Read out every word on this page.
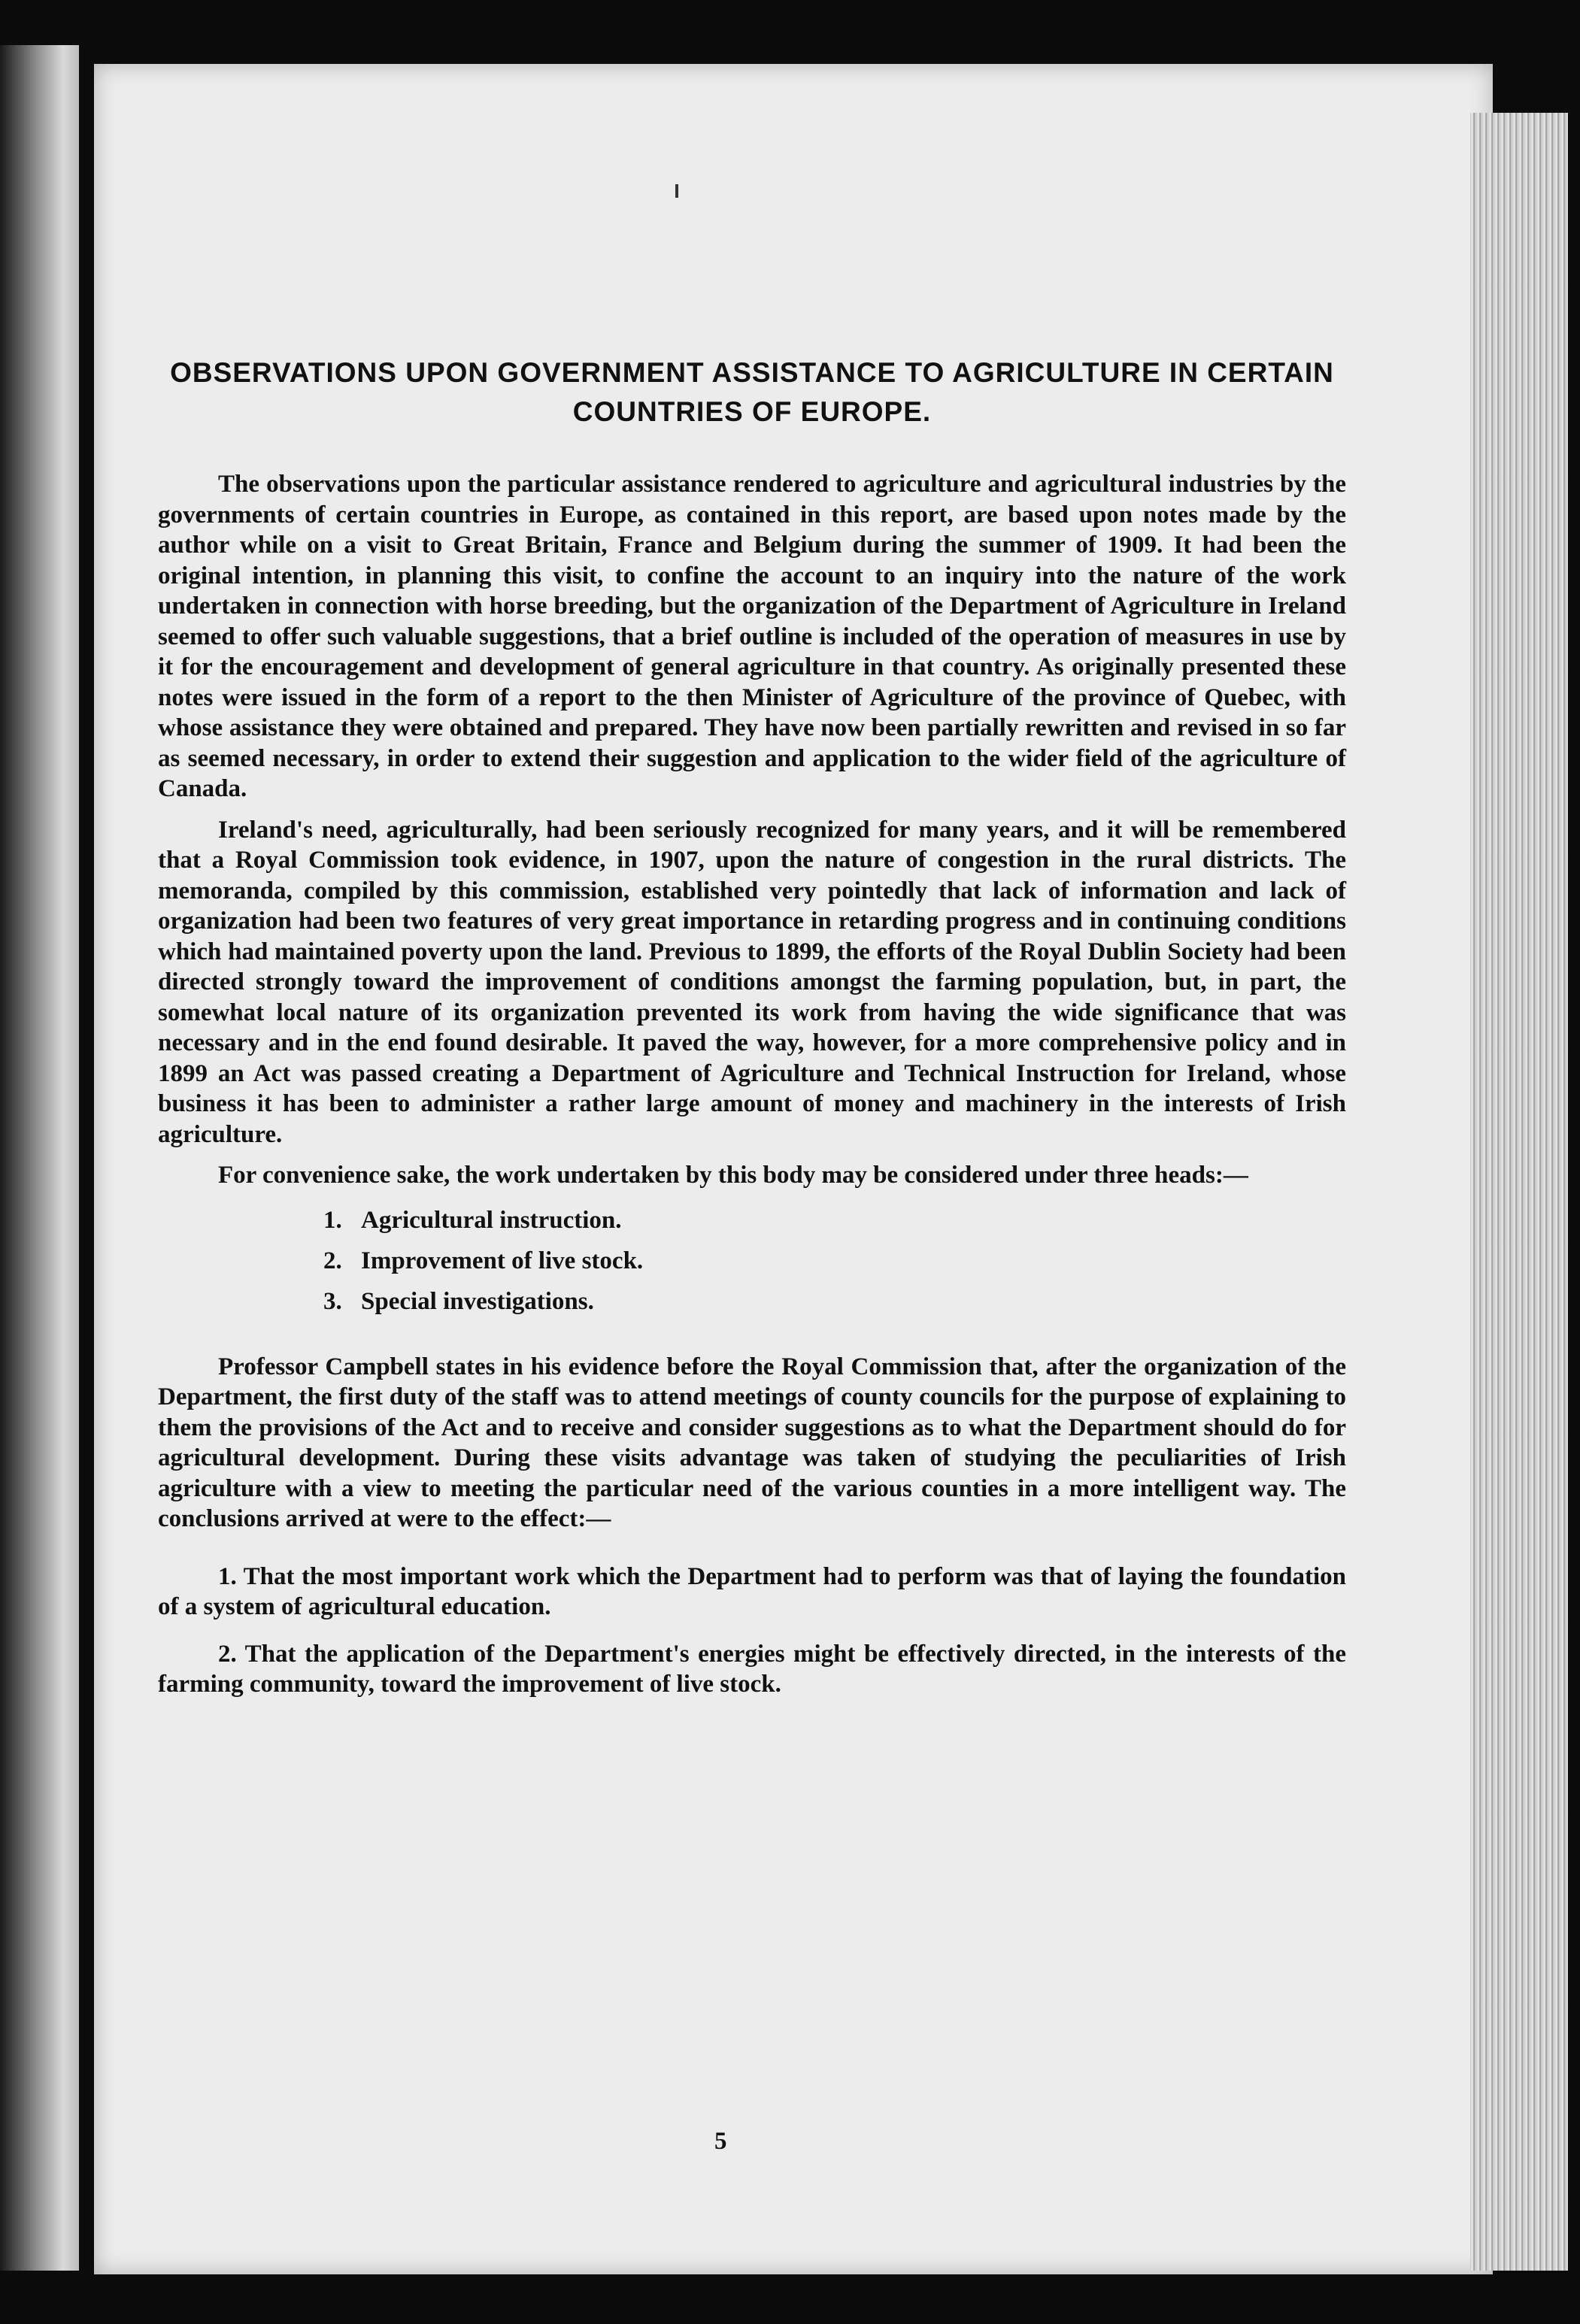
OBSERVATIONS UPON GOVERNMENT ASSISTANCE TO AGRICULTURE IN CERTAIN COUNTRIES OF EUROPE.

The observations upon the particular assistance rendered to agriculture and agricultural industries by the governments of certain countries in Europe, as contained in this report, are based upon notes made by the author while on a visit to Great Britain, France and Belgium during the summer of 1909. It had been the original intention, in planning this visit, to confine the account to an inquiry into the nature of the work undertaken in connection with horse breeding, but the organization of the Department of Agriculture in Ireland seemed to offer such valuable suggestions, that a brief outline is included of the operation of measures in use by it for the encouragement and development of general agriculture in that country. As originally presented these notes were issued in the form of a report to the then Minister of Agriculture of the province of Quebec, with whose assistance they were obtained and prepared. They have now been partially rewritten and revised in so far as seemed necessary, in order to extend their suggestion and application to the wider field of the agriculture of Canada.

Ireland's need, agriculturally, had been seriously recognized for many years, and it will be remembered that a Royal Commission took evidence, in 1907, upon the nature of congestion in the rural districts. The memoranda, compiled by this commission, established very pointedly that lack of information and lack of organization had been two features of very great importance in retarding progress and in continuing conditions which had maintained poverty upon the land. Previous to 1899, the efforts of the Royal Dublin Society had been directed strongly toward the improvement of conditions amongst the farming population, but, in part, the somewhat local nature of its organization prevented its work from having the wide significance that was necessary and in the end found desirable. It paved the way, however, for a more comprehensive policy and in 1899 an Act was passed creating a Department of Agriculture and Technical Instruction for Ireland, whose business it has been to administer a rather large amount of money and machinery in the interests of Irish agriculture.

For convenience sake, the work undertaken by this body may be considered under three heads:—

1. Agricultural instruction.
2. Improvement of live stock.
3. Special investigations.

Professor Campbell states in his evidence before the Royal Commission that, after the organization of the Department, the first duty of the staff was to attend meetings of county councils for the purpose of explaining to them the provisions of the Act and to receive and consider suggestions as to what the Department should do for agricultural development. During these visits advantage was taken of studying the peculiarities of Irish agriculture with a view to meeting the particular need of the various counties in a more intelligent way. The conclusions arrived at were to the effect:—

1. That the most important work which the Department had to perform was that of laying the foundation of a system of agricultural education.

2. That the application of the Department's energies might be effectively directed, in the interests of the farming community, toward the improvement of live stock.

5
